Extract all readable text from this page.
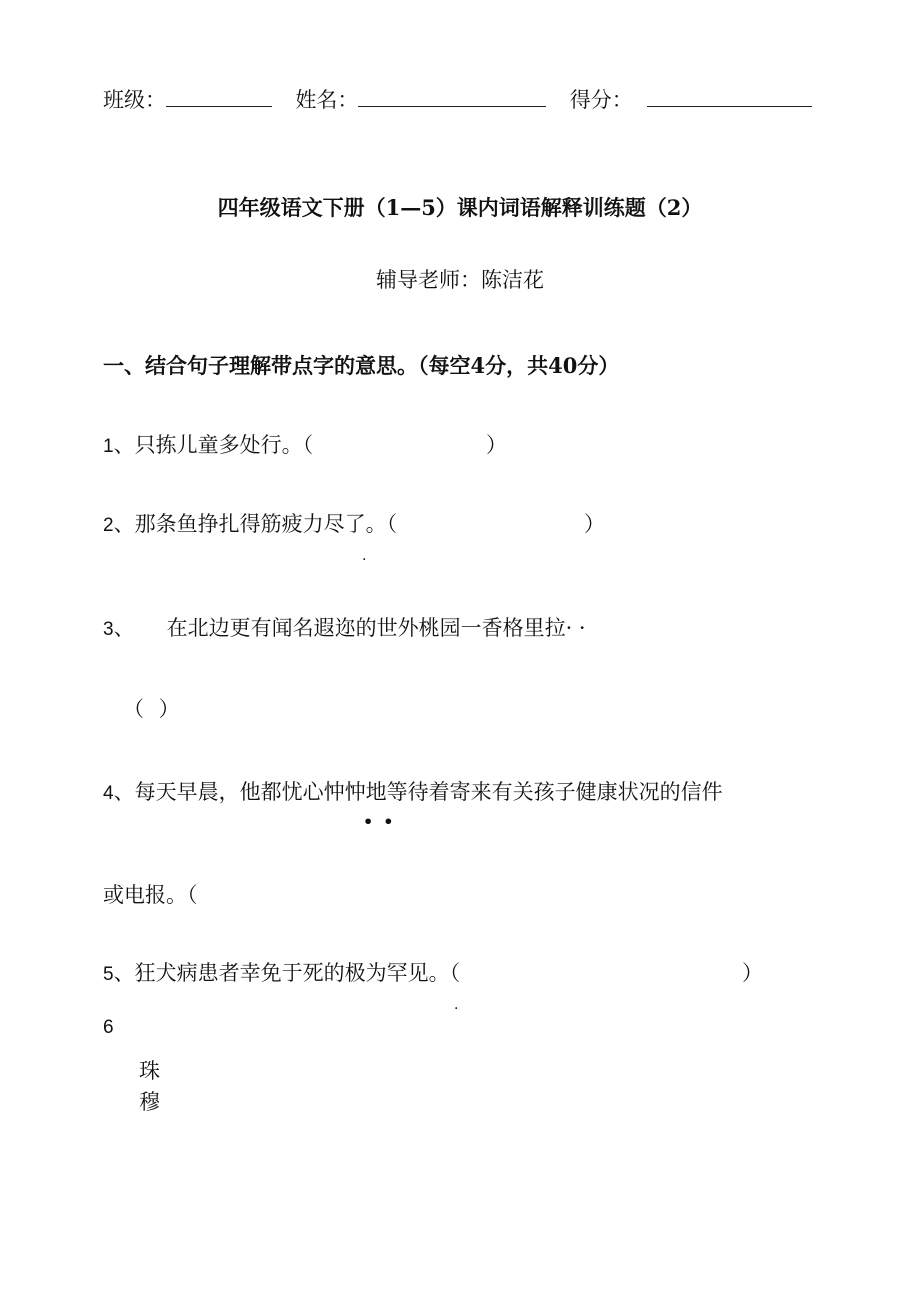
班级：	姓名：	得分：
四年级语文下册（1—5）课内词语解释训练题（2）
辅导老师：陈洁花
一、结合句子理解带点字的意思。（每空4分，共40分）
1、只拣儿童多处行。（	）
2、那条鱼挣扎得筋疲力尽了。（	）
·
3、 在北边更有闻名遐迩的世外桃园一香格里拉· ·
（ ）
4、每天早晨，他都忧心忡忡地等待着寄来有关孩子健康状况的信件
••
或电报。（
5、狂犬病患者幸免于死的极为罕见。（	）
·
6
珠
穆
